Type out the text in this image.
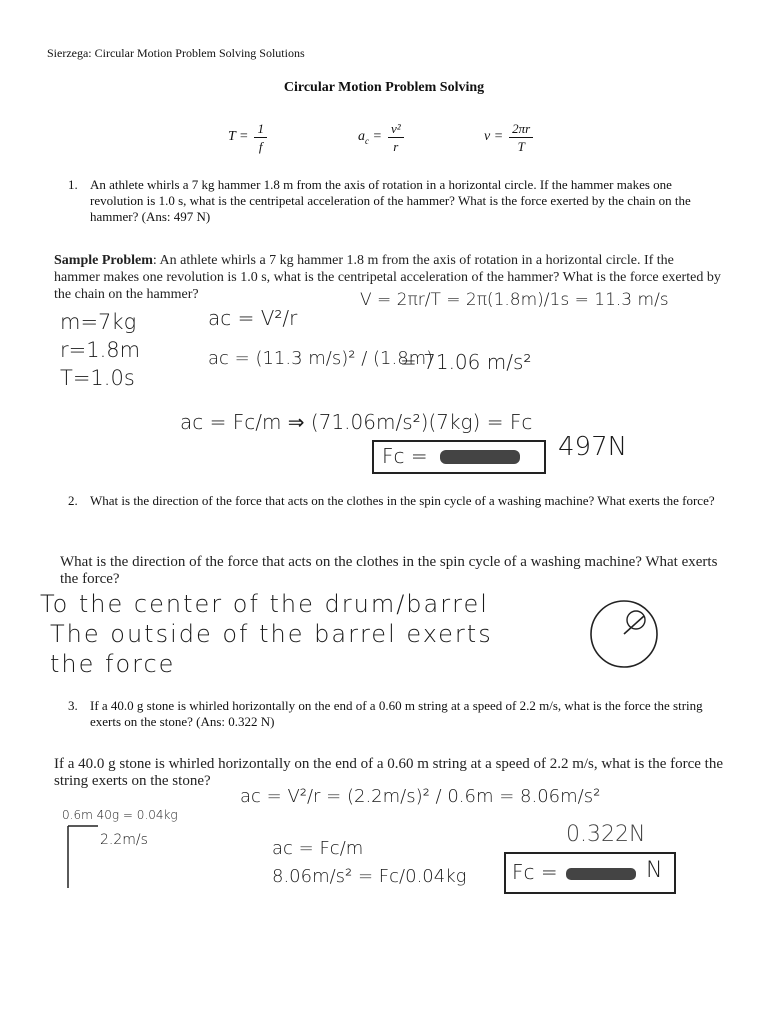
Sierzega: Circular Motion Problem Solving Solutions
Circular Motion Problem Solving
$T = \frac{1}{f}$	$a_c = \frac{\text{v²}}{r}$	$v = \frac{2\pi r}{T}$
1. An athlete whirls a 7 kg hammer 1.8 m from the axis of rotation in a horizontal circle. If the hammer makes one revolution is 1.0 s, what is the centripetal acceleration of the hammer? What is the force exerted by the chain on the hammer? (Ans: 497 N)
Sample Problem: An athlete whirls a 7 kg hammer 1.8 m from the axis of rotation in a horizontal circle. If the hammer makes one revolution is 1.0 s, what is the centripetal acceleration of the hammer? What is the force exerted by the chain on the hammer?
m=7kg
r=1.8m
T=1.0s
ac = V²/r
ac = (11.3 m/s)² / (1.8m)
= 71.06 m/s²
V = 2πr/T = 2π(1.8m)/1s = 11.3 m/s
ac = Fc/m ⇒ (71.06m/s²)(7kg) = Fc
Fc =	497N
2. What is the direction of the force that acts on the clothes in the spin cycle of a washing machine? What exerts the force?
What is the direction of the force that acts on the clothes in the spin cycle of a washing machine? What exerts the force?
To the center of the drum/barrel
The outside of the barrel exerts
the force
3. If a 40.0 g stone is whirled horizontally on the end of a 0.60 m string at a speed of 2.2 m/s, what is the force the string exerts on the stone? (Ans: 0.322 N)
If a 40.0 g stone is whirled horizontally on the end of a 0.60 m string at a speed of 2.2 m/s, what is the force the string exerts on the stone?
0.6m 40g = 0.04kg
2.2m/s
ac = V²/r = (2.2m/s)² / 0.6m = 8.06m/s²
ac = Fc/m
8.06m/s² = Fc/0.04kg
0.322N
Fc =	N
